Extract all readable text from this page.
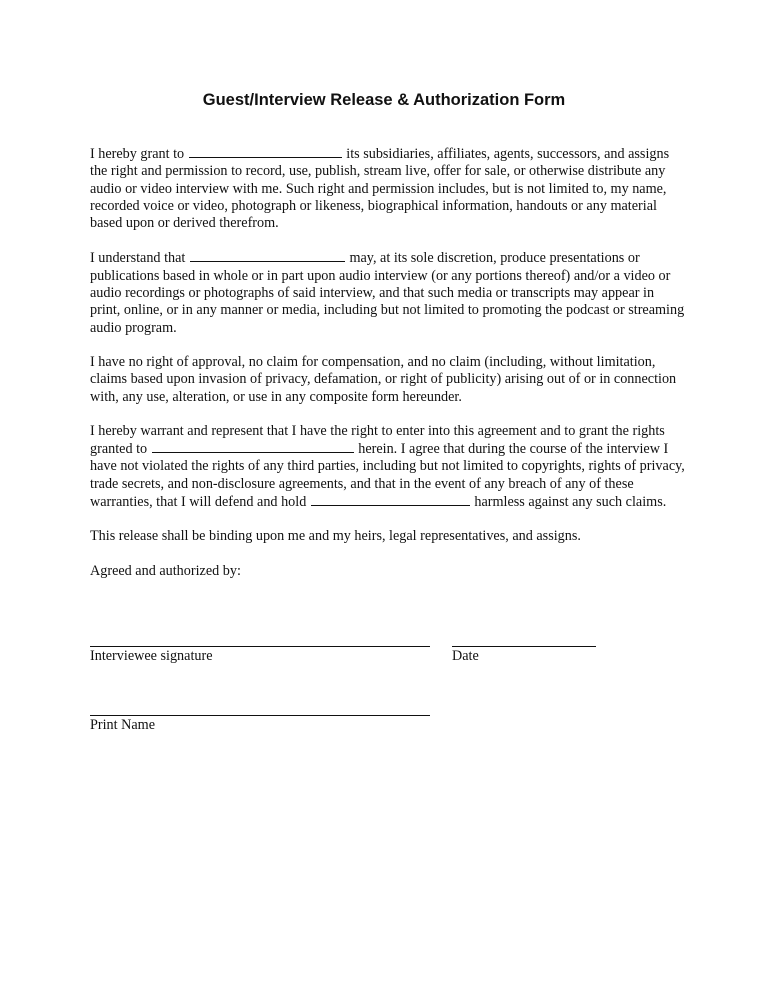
Guest/Interview Release & Authorization Form

I hereby grant to	its subsidiaries, affiliates, agents, successors, and assigns the right and permission to record, use, publish, stream live, offer for sale, or otherwise distribute any audio or video interview with me. Such right and permission includes, but is not limited to, my name, recorded voice or video, photograph or likeness, biographical information, handouts or any material based upon or derived therefrom.

I understand that	may, at its sole discretion, produce presentations or publications based in whole or in part upon audio interview (or any portions thereof) and/or a video or audio recordings or photographs of said interview, and that such media or transcripts may appear in print, online, or in any manner or media, including but not limited to promoting the podcast or streaming audio program.

I have no right of approval, no claim for compensation, and no claim (including, without limitation, claims based upon invasion of privacy, defamation, or right of publicity) arising out of or in connection with, any use, alteration, or use in any composite form hereunder.

I hereby warrant and represent that I have the right to enter into this agreement and to grant the rights granted to	herein. I agree that during the course of the interview I have not violated the rights of any third parties, including but not limited to copyrights, rights of privacy, trade secrets, and non-disclosure agreements, and that in the event of any breach of any of these warranties, that I will defend and hold	harmless against any such claims.

This release shall be binding upon me and my heirs, legal representatives, and assigns.

Agreed and authorized by:

Interviewee signature	Date
Print Name
